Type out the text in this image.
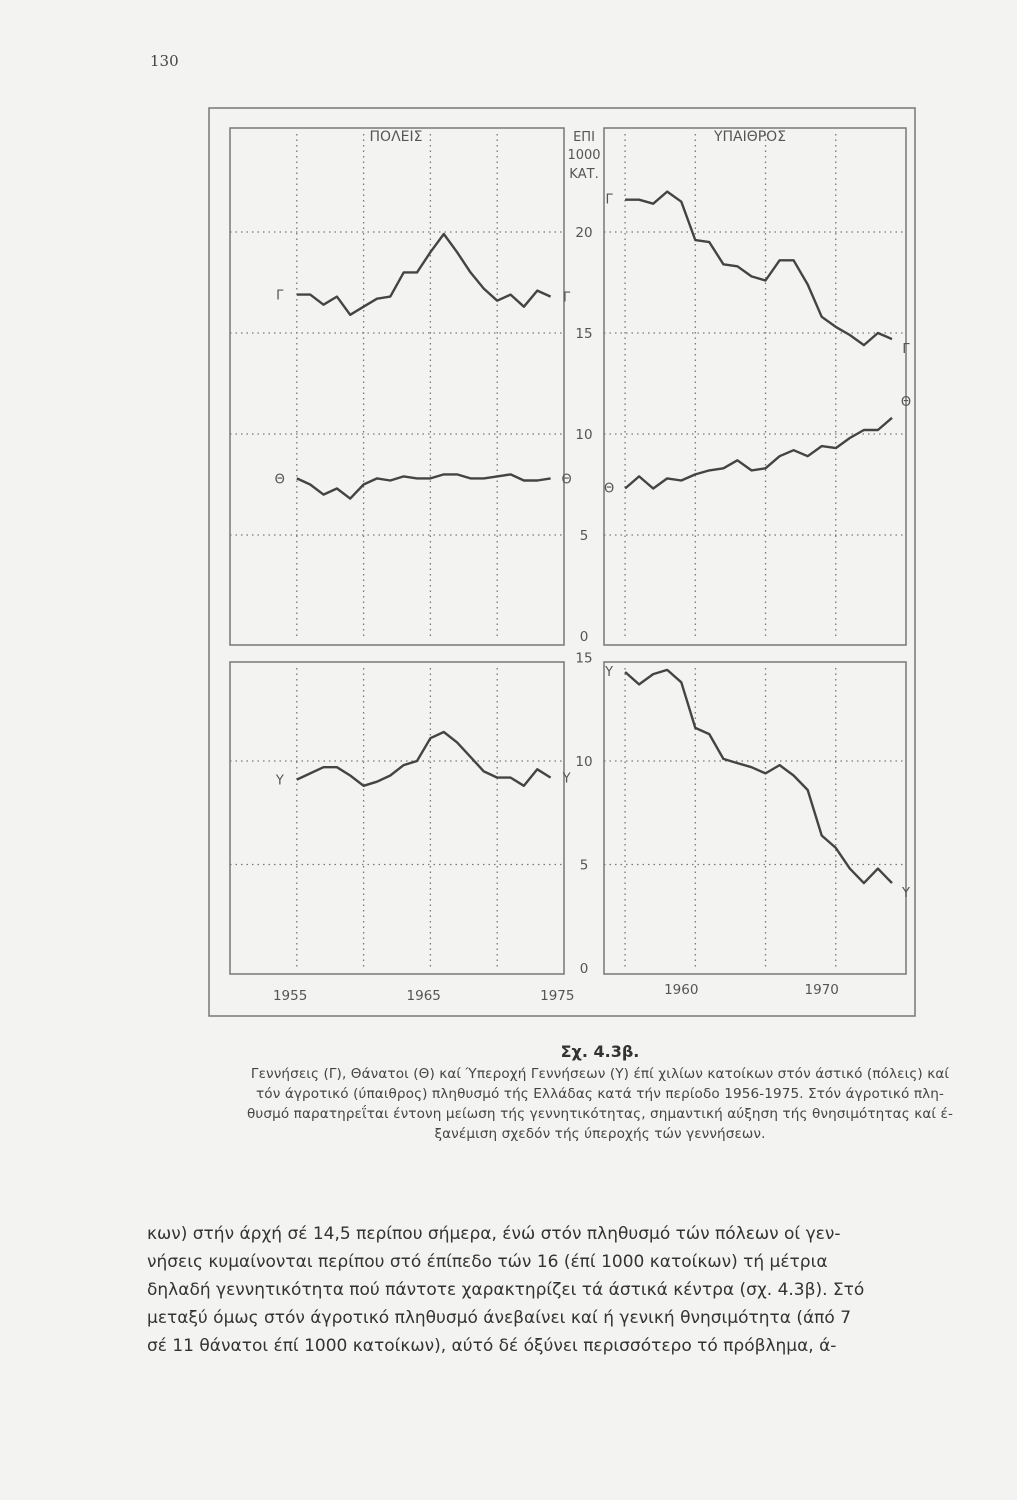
130
0
5
10
15
20
0
5
10
15
1955	1965	1975	1960	1970
ΕΠΙ
1000
ΚΑΤ.
ΠΟΛΕΙΣ	ΥΠΑΙΘΡΟΣ
Γ	Γ
Θ	Θ
Υ	Υ
Γ
Γ
Θ
Θ
Υ
Υ
Σχ. 4.3β.
Γεννήσεις (Γ), Θάνατοι (Θ) καί Ύπεροχή Γεννήσεων (Υ) έπί χιλίων κατοίκων στόν άστικό (πόλεις) καί
τόν άγροτικό (ύπαιθρος) πληθυσμό τής Ελλάδας κατά τήν περίοδο 1956-1975. Στόν άγροτικό πλη-
θυσμό παρατηρεΐται έντονη μείωση τής γεννητικότητας, σημαντική αύξηση τής θνησιμότητας καί έ-
ξανέμιση σχεδόν τής ύπεροχής τών γεννήσεων.
κων) στήν άρχή σέ 14,5 περίπου σήμερα, ένώ στόν πληθυσμό τών πόλεων οί γεν-
νήσεις κυμαίνονται περίπου στό έπίπεδο τών 16 (έπί 1000 κατοίκων) τή μέτρια
δηλαδή γεννητικότητα πού πάντοτε χαρακτηρίζει τά άστικά κέντρα (σχ. 4.3β). Στό
μεταξύ όμως στόν άγροτικό πληθυσμό άνεβαίνει καί ή γενική θνησιμότητα (άπό 7
σέ 11 θάνατοι έπί 1000 κατοίκων), αύτό δέ όξύνει περισσότερο τό πρόβλημα, ά-
